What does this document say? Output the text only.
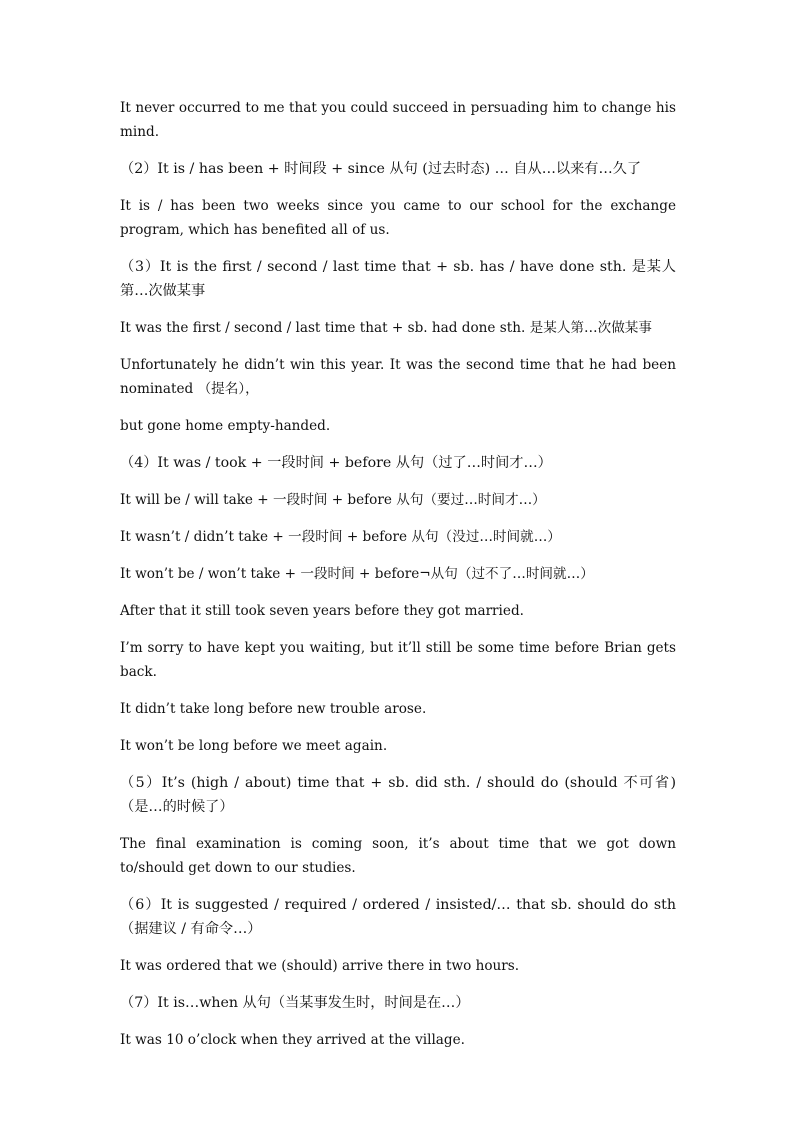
It never occurred to me that you could succeed in persuading him to change his mind.

（2）It is / has been + 时间段 + since 从句 (过去时态) … 自从…以来有…久了

It is / has been two weeks since you came to our school for the exchange program, which has benefited all of us.

（3）It is the first / second / last time that + sb. has / have done sth. 是某人第…次做某事

It was the first / second / last time that + sb. had done sth. 是某人第…次做某事

Unfortunately he didn’t win this year. It was the second time that he had been nominated （提名），

but gone home empty-handed.

（4）It was / took + 一段时间 + before 从句（过了…时间才…）

It will be / will take + 一段时间 + before 从句（要过…时间才…）

It wasn’t / didn’t take + 一段时间 + before 从句（没过…时间就…）

It won’t be / won’t take + 一段时间 + before¬从句（过不了…时间就…）

After that it still took seven years before they got married.

I’m sorry to have kept you waiting, but it’ll still be some time before Brian gets back.

It didn’t take long before new trouble arose.

It won’t be long before we meet again.

（5）It’s (high / about) time that + sb. did sth. / should do (should 不可省)（是…的时候了）

The final examination is coming soon, it’s about time that we got down to/should get down to our studies.

（6）It is suggested / required / ordered / insisted/… that sb. should do sth（据建议 / 有命令…）

It was ordered that we (should) arrive there in two hours.

（7）It is…when 从句（当某事发生时，时间是在…）

It was 10 o’clock when they arrived at the village.
